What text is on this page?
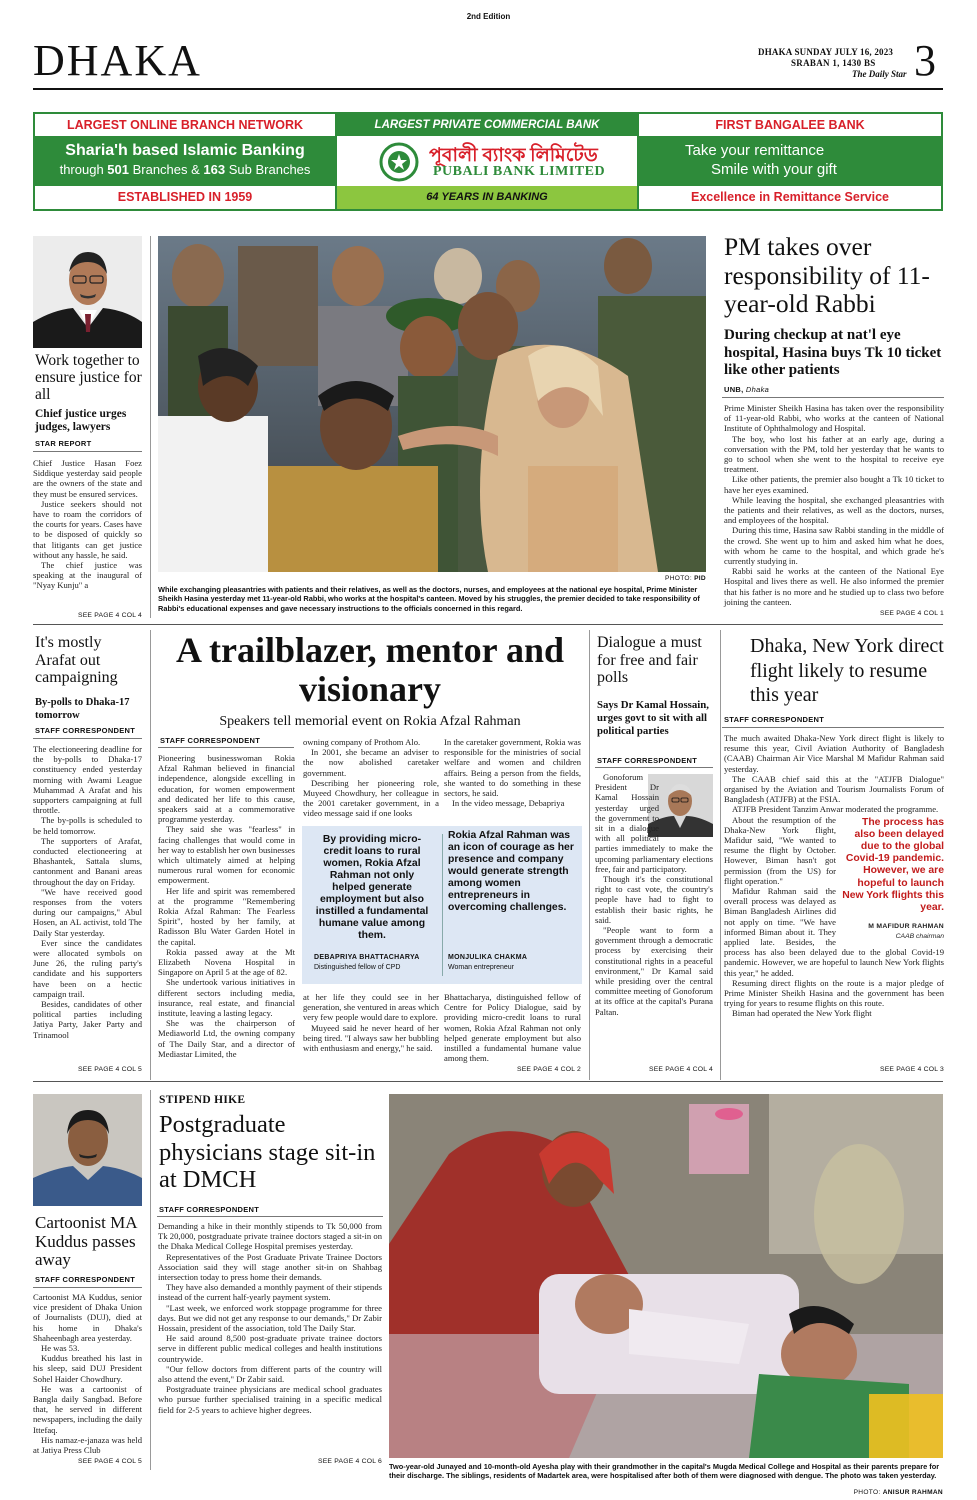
2nd Edition
DHAKA	DHAKA SUNDAY JULY 16, 2023
SRABAN 1, 1430 BS
The Daily Star 3
LARGEST ONLINE BRANCH NETWORK
Sharia'h based Islamic Banking
through 501 Branches & 163 Sub Branches
ESTABLISHED IN 1959
LARGEST PRIVATE COMMERCIAL BANK
পূবালী ব্যাংক লিমিটেড
PUBALI BANK LIMITED
64 YEARS IN BANKING
FIRST BANGALEE BANK
Take your remittance
Smile with your gift
Excellence in Remittance Service
Work together to ensure justice for all
Chief justice urges judges, lawyers
STAR REPORT

Chief Justice Hasan Foez Siddique yesterday said people are the owners of the state and they must be ensured services.

Justice seekers should not have to roam the corridors of the courts for years. Cases have to be disposed of quickly so that litigants can get justice without any hassle, he said.

The chief justice was speaking at the inaugural of "Nyay Kunju" a

SEE PAGE 4 COL 4
PHOTO: PID
While exchanging pleasantries with patients and their relatives, as well as the doctors, nurses, and employees at the national eye hospital, Prime Minister Sheikh Hasina yesterday met 11-year-old Rabbi, who works at the hospital's canteen. Moved by his struggles, the premier decided to take responsibility of Rabbi's educational expenses and gave necessary instructions to the officials concerned in this regard.
PM takes over responsibility of 11-year-old Rabbi
During checkup at nat'l eye hospital, Hasina buys Tk 10 ticket like other patients
UNB, Dhaka

Prime Minister Sheikh Hasina has taken over the responsibility of 11-year-old Rabbi, who works at the canteen of National Institute of Ophthalmology and Hospital.

The boy, who lost his father at an early age, during a conversation with the PM, told her yesterday that he wants to go to school when she went to the hospital to receive eye treatment.

Like other patients, the premier also bought a Tk 10 ticket to have her eyes examined.

While leaving the hospital, she exchanged pleasantries with the patients and their relatives, as well as the doctors, nurses, and employees of the hospital.

During this time, Hasina saw Rabbi standing in the middle of the crowd. She went up to him and asked him what he does, with whom he came to the hospital, and which grade he's currently studying in.

Rabbi said he works at the canteen of the National Eye Hospital and lives there as well. He also informed the premier that his father is no more and he studied up to class two before joining the canteen.

SEE PAGE 4 COL 1
It's mostly Arafat out campaigning
By-polls to Dhaka-17 tomorrow
STAFF CORRESPONDENT

The electioneering deadline for the by-polls to Dhaka-17 constituency ended yesterday morning with Awami League Muhammad A Arafat and his supporters campaigning at full throttle.

The by-polls is scheduled to be held tomorrow.

The supporters of Arafat, conducted electioneering at Bhashantek, Sattala slums, cantonment and Banani areas throughout the day on Friday.

"We have received good responses from the voters during our campaigns," Abul Hosen, an AL activist, told The Daily Star yesterday.

Ever since the candidates were allocated symbols on June 26, the ruling party's candidate and his supporters have been on a hectic campaign trail.

Besides, candidates of other political parties including Jatiya Party, Jaker Party and Trinamool

SEE PAGE 4 COL 5
A trailblazer, mentor and visionary
Speakers tell memorial event on Rokia Afzal Rahman
STAFF CORRESPONDENT

Pioneering businesswoman Rokia Afzal Rahman believed in financial independence, alongside excelling in education, for women empowerment and dedicated her life to this cause, speakers said at a commemorative programme yesterday.

They said she was "fearless" in facing challenges that would come in her way to establish her own businesses which ultimately aimed at helping numerous rural women for economic empowerment.

Her life and spirit was remembered at the programme "Remembering Rokia Afzal Rahman: The Fearless Spirit", hosted by her family, at Radisson Blu Water Garden Hotel in the capital.

Rokia passed away at the Mt Elizabeth Novena Hospital in Singapore on April 5 at the age of 82.

She undertook various initiatives in different sectors including media, insurance, real estate, and financial institute, leaving a lasting legacy.

She was the chairperson of Mediaworld Ltd, the owning company of The Daily Star, and a director of Mediastar Limited, the

owning company of Prothom Alo.

In 2001, she became an adviser to the now abolished caretaker government.

Describing her pioneering role, Muyeed Chowdhury, her colleague in the 2001 caretaker government, in a video message said if one looks

In the caretaker government, Rokia was responsible for the ministries of social welfare and women and children affairs. Being a person from the fields, she wanted to do something in these sectors, he said.

In the video message, Debapriya

By providing micro-credit loans to rural women, Rokia Afzal Rahman not only helped generate employment but also instilled a fundamental humane value among them.
DEBAPRIYA BHATTACHARYA
Distinguished fellow of CPD
Rokia Afzal Rahman was an icon of courage as her presence and company would generate strength among women entrepreneurs in overcoming challenges.
MONJULIKA CHAKMA
Woman entrepreneur

at her life they could see in her generation, she ventured in areas which very few people would dare to explore.

Muyeed said he never heard of her being tired. "I always saw her bubbling with enthusiasm and energy," he said.

Bhattacharya, distinguished fellow of Centre for Policy Dialogue, said by providing micro-credit loans to rural women, Rokia Afzal Rahman not only helped generate employment but also instilled a fundamental humane value among them.

SEE PAGE 4 COL 2
Dialogue a must for free and fair polls
Says Dr Kamal Hossain, urges govt to sit with all political parties
STAFF CORRESPONDENT

Gonoforum President Dr Kamal Hossain yesterday urged the government to sit in a dialogue with all political parties immediately to make the upcoming parliamentary elections free, fair and participatory.

Though it's the constitutional right to cast vote, the country's people have had to fight to establish their basic rights, he said.

"People want to form a government through a democratic process by exercising their constitutional rights in a peaceful environment," Dr Kamal said while presiding over the central committee meeting of Gonoforum at its office at the capital's Purana Paltan.

SEE PAGE 4 COL 4
Dhaka, New York direct flight likely to resume this year
STAFF CORRESPONDENT

The much awaited Dhaka-New York direct flight is likely to resume this year, Civil Aviation Authority of Bangladesh (CAAB) Chairman Air Vice Marshal M Mafidur Rahman said yesterday.

The CAAB chief said this at the "ATJFB Dialogue" organised by the Aviation and Tourism Journalists Forum of Bangladesh (ATJFB) at the FSIA.

ATJFB President Tanzim Anwar moderated the programme.

The process has also been delayed due to the global Covid-19 pandemic. However, we are hopeful to launch New York flights this year.
M MAFIDUR RAHMAN
CAAB chairman

About the resumption of the Dhaka-New York flight, Mafidur said, "We wanted to resume the flight by October. However, Biman hasn't got permission (from the US) for flight operation."

Mafidur Rahman said the overall process was delayed as Biman Bangladesh Airlines did not apply on time. "We have informed Biman about it. They applied late. Besides, the process has also been delayed due to the global Covid-19 pandemic. However, we are hopeful to launch New York flights this year," he added.

Resuming direct flights on the route is a major pledge of Prime Minister Sheikh Hasina and the government has been trying for years to resume flights on this route.

Biman had operated the New York flight

SEE PAGE 4 COL 3
Cartoonist MA Kuddus passes away
STAFF CORRESPONDENT

Cartoonist MA Kuddus, senior vice president of Dhaka Union of Journalists (DUJ), died at his home in Dhaka's Shaheenbagh area yesterday.

He was 53.

Kuddus breathed his last in his sleep, said DUJ President Sohel Haider Chowdhury.

He was a cartoonist of Bangla daily Sangbad. Before that, he served in different newspapers, including the daily Ittefaq.

His namaz-e-janaza was held at Jatiya Press Club

SEE PAGE 4 COL 5
STIPEND HIKE
Postgraduate physicians stage sit-in at DMCH
STAFF CORRESPONDENT

Demanding a hike in their monthly stipends to Tk 50,000 from Tk 20,000, postgraduate private trainee doctors staged a sit-in on the Dhaka Medical College Hospital premises yesterday.

Representatives of the Post Graduate Private Trainee Doctors Association said they will stage another sit-in on Shahbag intersection today to press home their demands.

They have also demanded a monthly payment of their stipends instead of the current half-yearly payment system.

"Last week, we enforced work stoppage programme for three days. But we did not get any response to our demands," Dr Zabir Hossain, president of the association, told The Daily Star.

He said around 8,500 post-graduate private trainee doctors serve in different public medical colleges and health institutions countrywide.

"Our fellow doctors from different parts of the country will also attend the event," Dr Zabir said.

Postgraduate trainee physicians are medical school graduates who pursue further specialised training in a specific medical field for 2-5 years to achieve higher degrees.

SEE PAGE 4 COL 6
Two-year-old Junayed and 10-month-old Ayesha play with their grandmother in the capital's Mugda Medical College and Hospital as their parents prepare for their discharge. The siblings, residents of Madartek area, were hospitalised after both of them were diagnosed with dengue. The photo was taken yesterday.
PHOTO: ANISUR RAHMAN
